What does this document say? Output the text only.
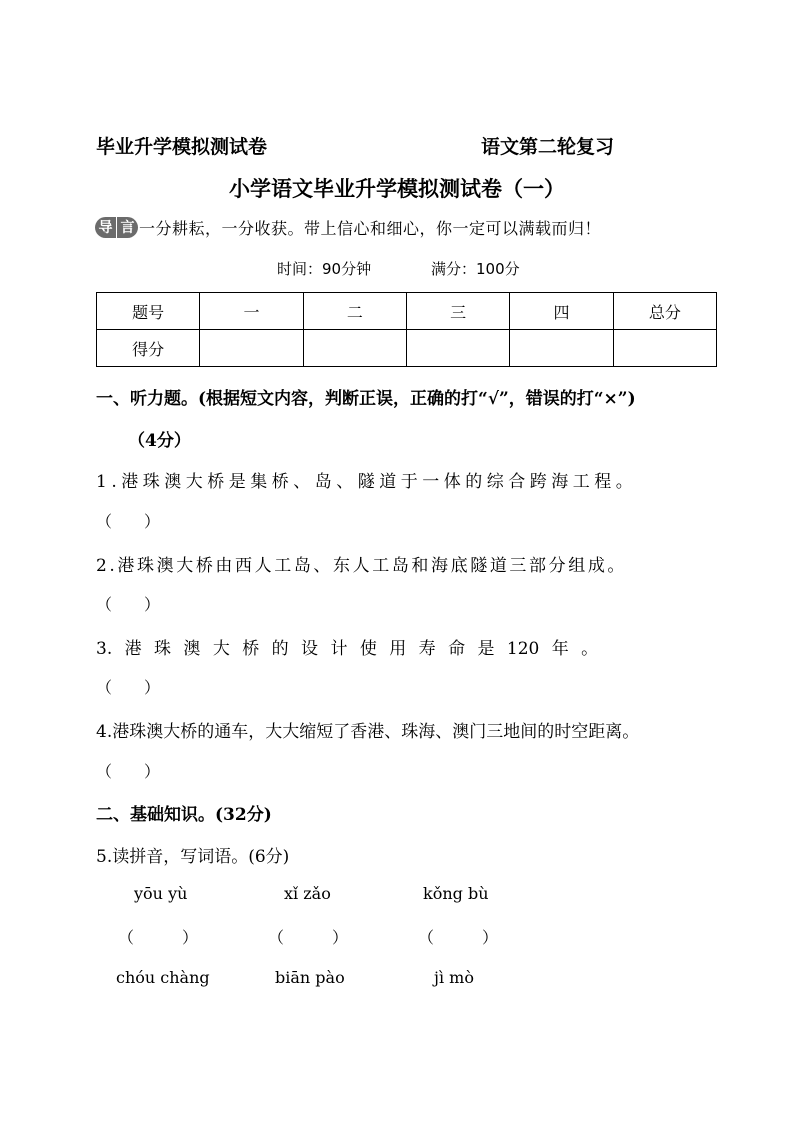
毕业升学模拟测试卷	语文第二轮复习
小学语文毕业升学模拟测试卷（一）
导 言 一分耕耘，一分收获。带上信心和细心，你一定可以满载而归！
时间：90分钟	满分：100分
题号	一	二	三	四	总分
得分					
一、听力题。(根据短文内容，判断正误，正确的打“√”，错误的打“×”)
（4分）
1.港珠澳大桥是集桥、岛、隧道于一体的综合跨海工程。
（　　）
2.港珠澳大桥由西人工岛、东人工岛和海底隧道三部分组成。
（　　）
3. 港 珠 澳 大 桥 的 设 计 使 用 寿 命 是 120 年 。
（　　）
4.港珠澳大桥的通车，大大缩短了香港、珠海、澳门三地间的时空距离。
（　　）
二、基础知识。(32分)
5.读拼音，写词语。(6分)
yōu yù	xǐ zǎo	kǒng bù
（　　　）	（　　　）	（　　　）
chóu chàng	biān pào	jì mò
